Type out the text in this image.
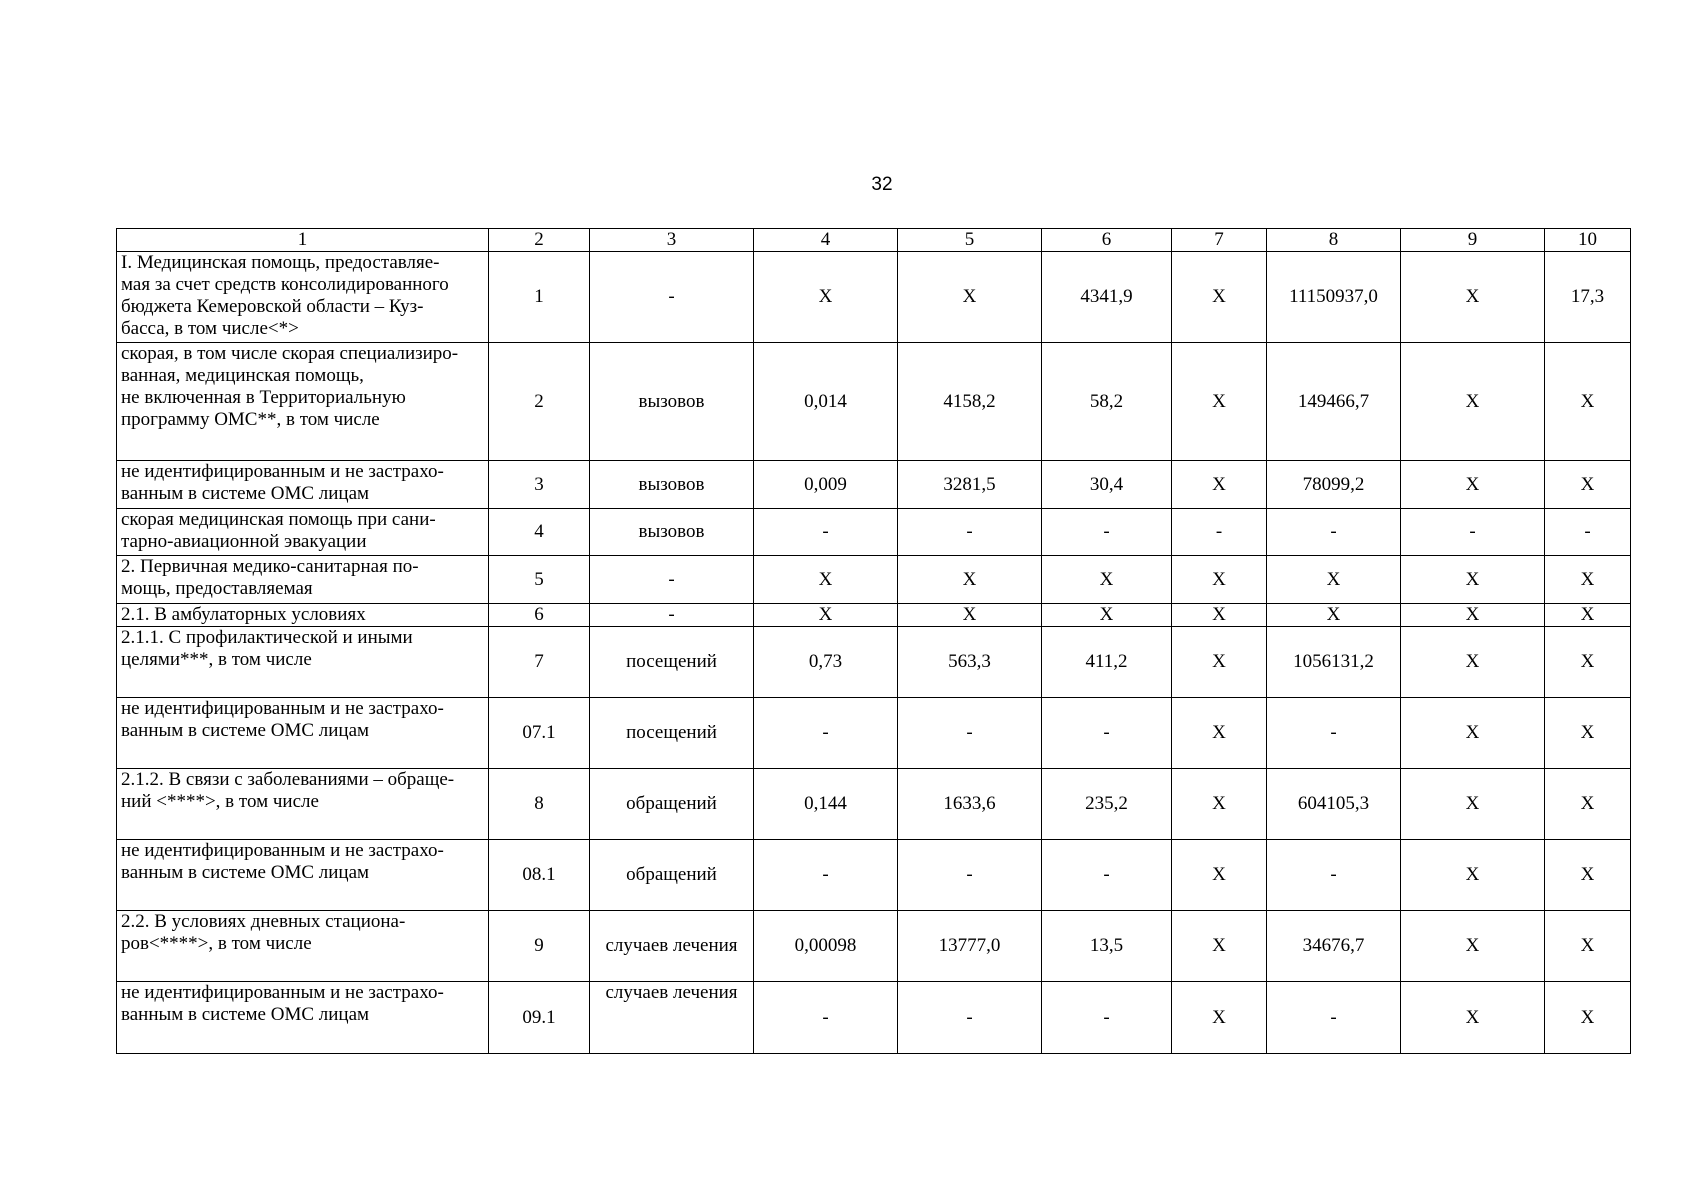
32
1	2	3	4	5	6	7	8	9	10
I. Медицинская помощь, предоставляе-
мая за счет средств консолидированного
бюджета Кемеровской области – Куз-
басса, в том числе<*>	1	-	X	X	4341,9	X	11150937,0	X	17,3
скорая, в том числе скорая специализиро-
ванная, медицинская помощь,
не включенная в Территориальную
программу ОМС**, в том числе	2	вызовов	0,014	4158,2	58,2	X	149466,7	X	X
не идентифицированным и не застрахо-
ванным в системе ОМС лицам	3	вызовов	0,009	3281,5	30,4	X	78099,2	X	X
скорая медицинская помощь при сани-
тарно-авиационной эвакуации	4	вызовов	-	-	-	-	-	-	-
2. Первичная медико-санитарная по-
мощь, предоставляемая	5	-	X	X	X	X	X	X	X
2.1. В амбулаторных условиях	6	-	X	X	X	X	X	X	X
2.1.1. С профилактической и иными
целями***, в том числе	7	посещений	0,73	563,3	411,2	X	1056131,2	X	X
не идентифицированным и не застрахо-
ванным в системе ОМС лицам	07.1	посещений	-	-	-	X	-	X	X
2.1.2. В связи с заболеваниями – обраще-
ний <****>, в том числе	8	обращений	0,144	1633,6	235,2	X	604105,3	X	X
не идентифицированным и не застрахо-
ванным в системе ОМС лицам	08.1	обращений	-	-	-	X	-	X	X
2.2. В условиях дневных стациона-
ров<****>, в том числе	9	случаев лечения	0,00098	13777,0	13,5	X	34676,7	X	X
не идентифицированным и не застрахо-
ванным в системе ОМС лицам	09.1	случаев лечения	-	-	-	X	-	X	X
